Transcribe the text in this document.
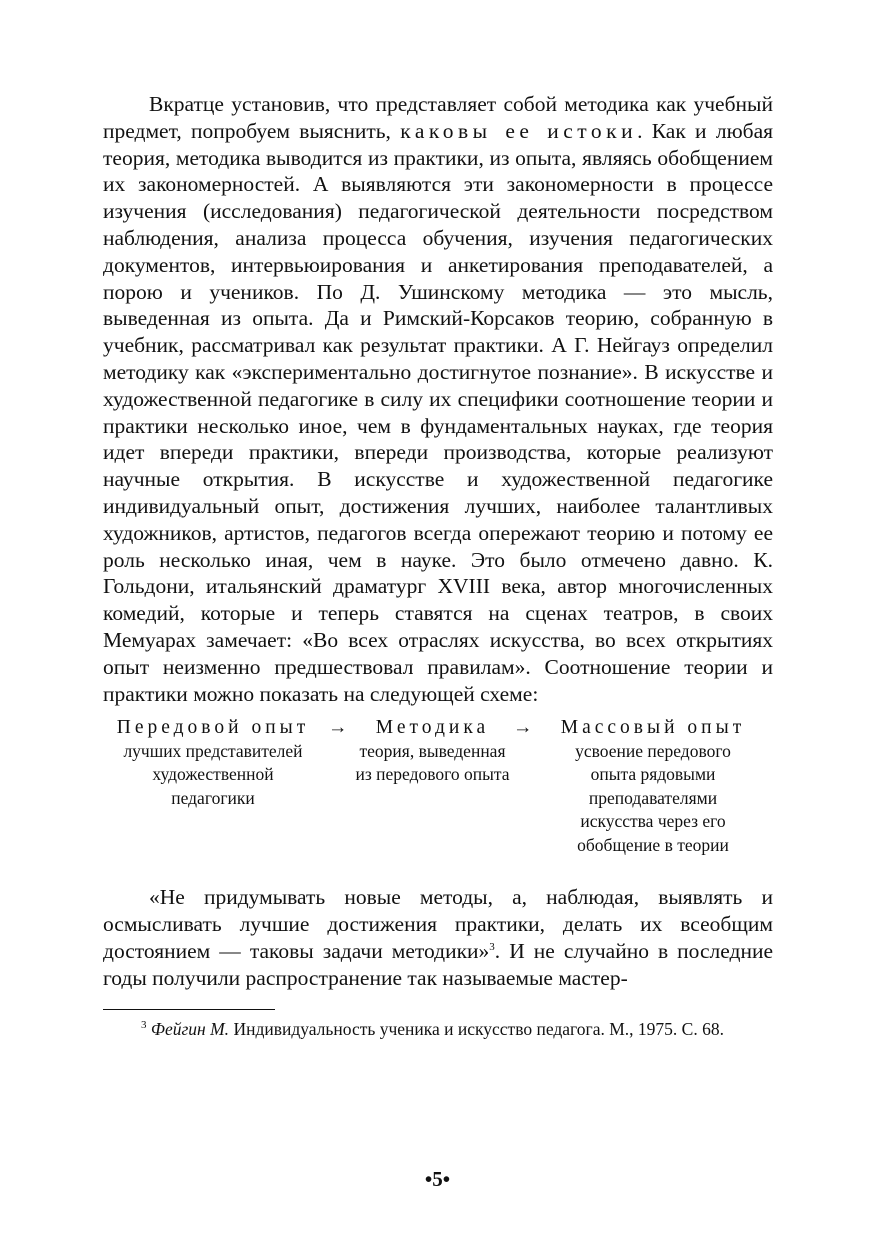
Вкратце установив, что представляет собой методика как учебный предмет, попробуем выяснить, каковы ее истоки. Как и любая теория, методика выводится из практики, из опыта, являясь обобщением их закономерностей. А выявляются эти закономерности в процессе изучения (исследования) педагогической деятельности посредством наблюдения, анализа процесса обучения, изучения педагогических документов, интервьюирования и анкетирования преподавателей, а порою и учеников. По Д. Ушинскому методика — это мысль, выведенная из опыта. Да и Римский-Корсаков теорию, собранную в учебник, рассматривал как результат практики. А Г. Нейгауз определил методику как «экспериментально достигнутое познание». В искусстве и художественной педагогике в силу их специфики соотношение теории и практики несколько иное, чем в фундаментальных науках, где теория идет впереди практики, впереди производства, которые реализуют научные открытия. В искусстве и художественной педагогике индивидуальный опыт, достижения лучших, наиболее талантливых художников, артистов, педагогов всегда опережают теорию и потому ее роль несколько иная, чем в науке. Это было отмечено давно. К. Гольдони, итальянский драматург XVIII века, автор многочисленных комедий, которые и теперь ставятся на сценах театров, в своих Мемуарах замечает: «Во всех отраслях искусства, во всех открытиях опыт неизменно предшествовал правилам». Соотношение теории и практики можно показать на следующей схеме:

Передовой опыт
лучших представителей
художественной
педагогики
→	Методика
теория, выведенная
из передового опыта
→	Массовый опыт
усвоение передового
опыта рядовыми
преподавателями
искусства через его
обобщение в теории

«Не придумывать новые методы, а, наблюдая, выявлять и осмысливать лучшие достижения практики, делать их всеобщим достоянием — таковы задачи методики»$^3$. И не случайно в последние годы получили распространение так называемые мастер-

$^3$ Фейгин М. Индивидуальность ученика и искусство педагога. М., 1975. С. 68.

•5•
